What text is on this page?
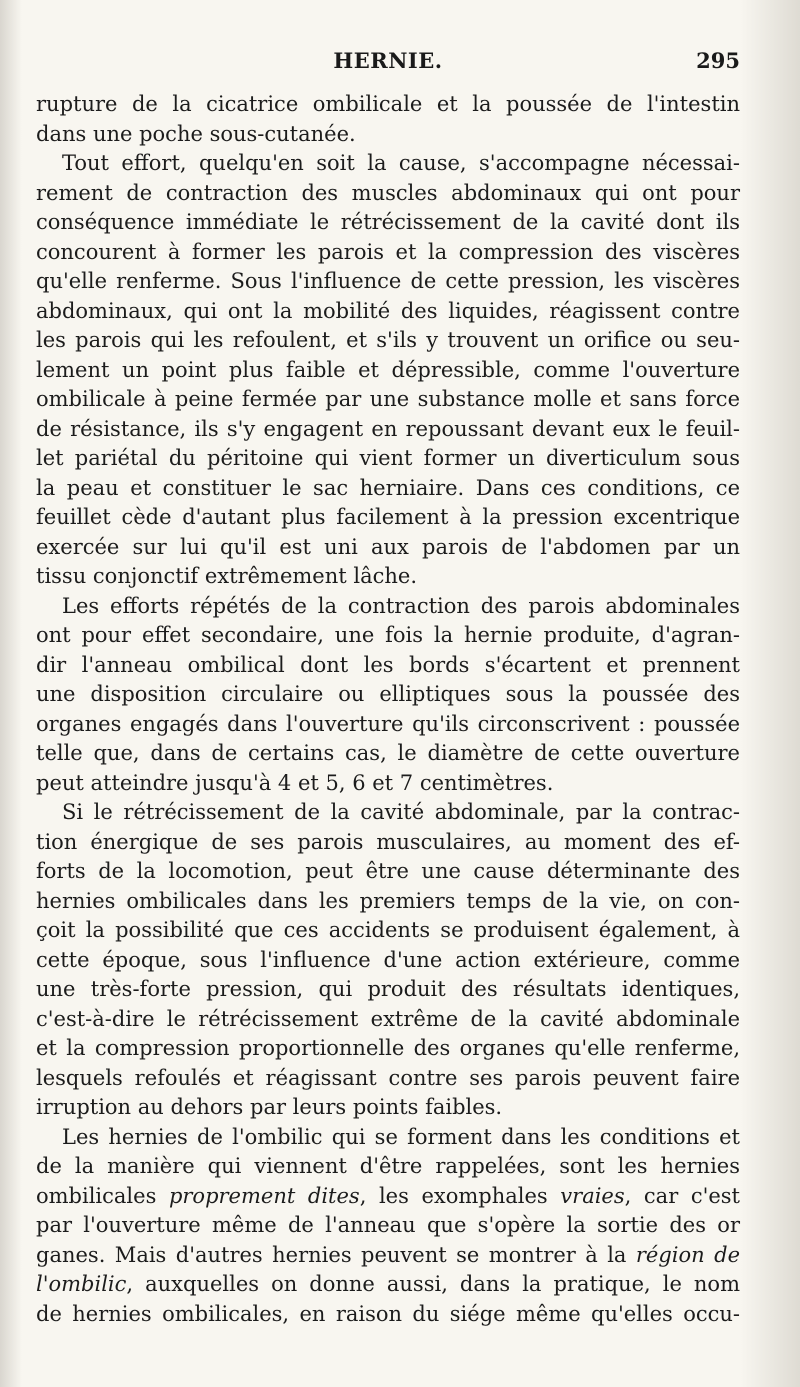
HERNIE.	295
rupture de la cicatrice ombilicale et la poussée de l'intestin
dans une poche sous-cutanée.
Tout effort, quelqu'en soit la cause, s'accompagne nécessai-
rement de contraction des muscles abdominaux qui ont pour
conséquence immédiate le rétrécissement de la cavité dont ils
concourent à former les parois et la compression des viscères
qu'elle renferme. Sous l'influence de cette pression, les viscères
abdominaux, qui ont la mobilité des liquides, réagissent contre
les parois qui les refoulent, et s'ils y trouvent un orifice ou seu-
lement un point plus faible et dépressible, comme l'ouverture
ombilicale à peine fermée par une substance molle et sans force
de résistance, ils s'y engagent en repoussant devant eux le feuil-
let pariétal du péritoine qui vient former un diverticulum sous
la peau et constituer le sac herniaire. Dans ces conditions, ce
feuillet cède d'autant plus facilement à la pression excentrique
exercée sur lui qu'il est uni aux parois de l'abdomen par un
tissu conjonctif extrêmement lâche.
Les efforts répétés de la contraction des parois abdominales
ont pour effet secondaire, une fois la hernie produite, d'agran-
dir l'anneau ombilical dont les bords s'écartent et prennent
une disposition circulaire ou elliptiques sous la poussée des
organes engagés dans l'ouverture qu'ils circonscrivent : poussée
telle que, dans de certains cas, le diamètre de cette ouverture
peut atteindre jusqu'à 4 et 5, 6 et 7 centimètres.
Si le rétrécissement de la cavité abdominale, par la contrac-
tion énergique de ses parois musculaires, au moment des ef-
forts de la locomotion, peut être une cause déterminante des
hernies ombilicales dans les premiers temps de la vie, on con-
çoit la possibilité que ces accidents se produisent également, à
cette époque, sous l'influence d'une action extérieure, comme
une très-forte pression, qui produit des résultats identiques,
c'est-à-dire le rétrécissement extrême de la cavité abdominale
et la compression proportionnelle des organes qu'elle renferme,
lesquels refoulés et réagissant contre ses parois peuvent faire
irruption au dehors par leurs points faibles.
Les hernies de l'ombilic qui se forment dans les conditions et
de la manière qui viennent d'être rappelées, sont les hernies
ombilicales proprement dites, les exomphales vraies, car c'est
par l'ouverture même de l'anneau que s'opère la sortie des or
ganes. Mais d'autres hernies peuvent se montrer à la région de
l'ombilic, auxquelles on donne aussi, dans la pratique, le nom
de hernies ombilicales, en raison du siége même qu'elles occu-
